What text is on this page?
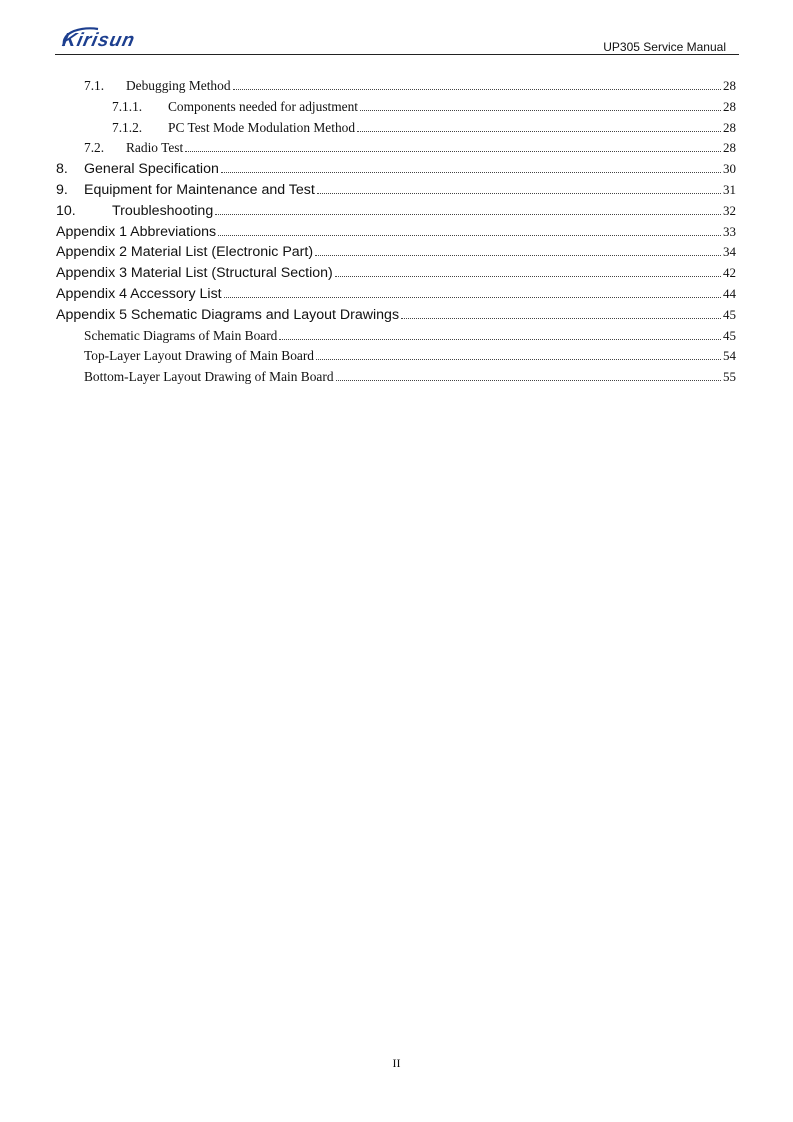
Kirisun	UP305 Service Manual
7.1.	Debugging Method	28
7.1.1.	Components needed for adjustment	28
7.1.2.	PC Test Mode Modulation Method	28
7.2.	Radio Test	28
8.	General Specification	30
9.	Equipment for Maintenance and Test	31
10.	Troubleshooting	32
Appendix 1 Abbreviations	33
Appendix 2 Material List (Electronic Part)	34
Appendix 3 Material List (Structural Section)	42
Appendix 4 Accessory List	44
Appendix 5 Schematic Diagrams and Layout Drawings	45
Schematic Diagrams of Main Board	45
Top-Layer Layout Drawing of Main Board	54
Bottom-Layer Layout Drawing of Main Board	55
II
